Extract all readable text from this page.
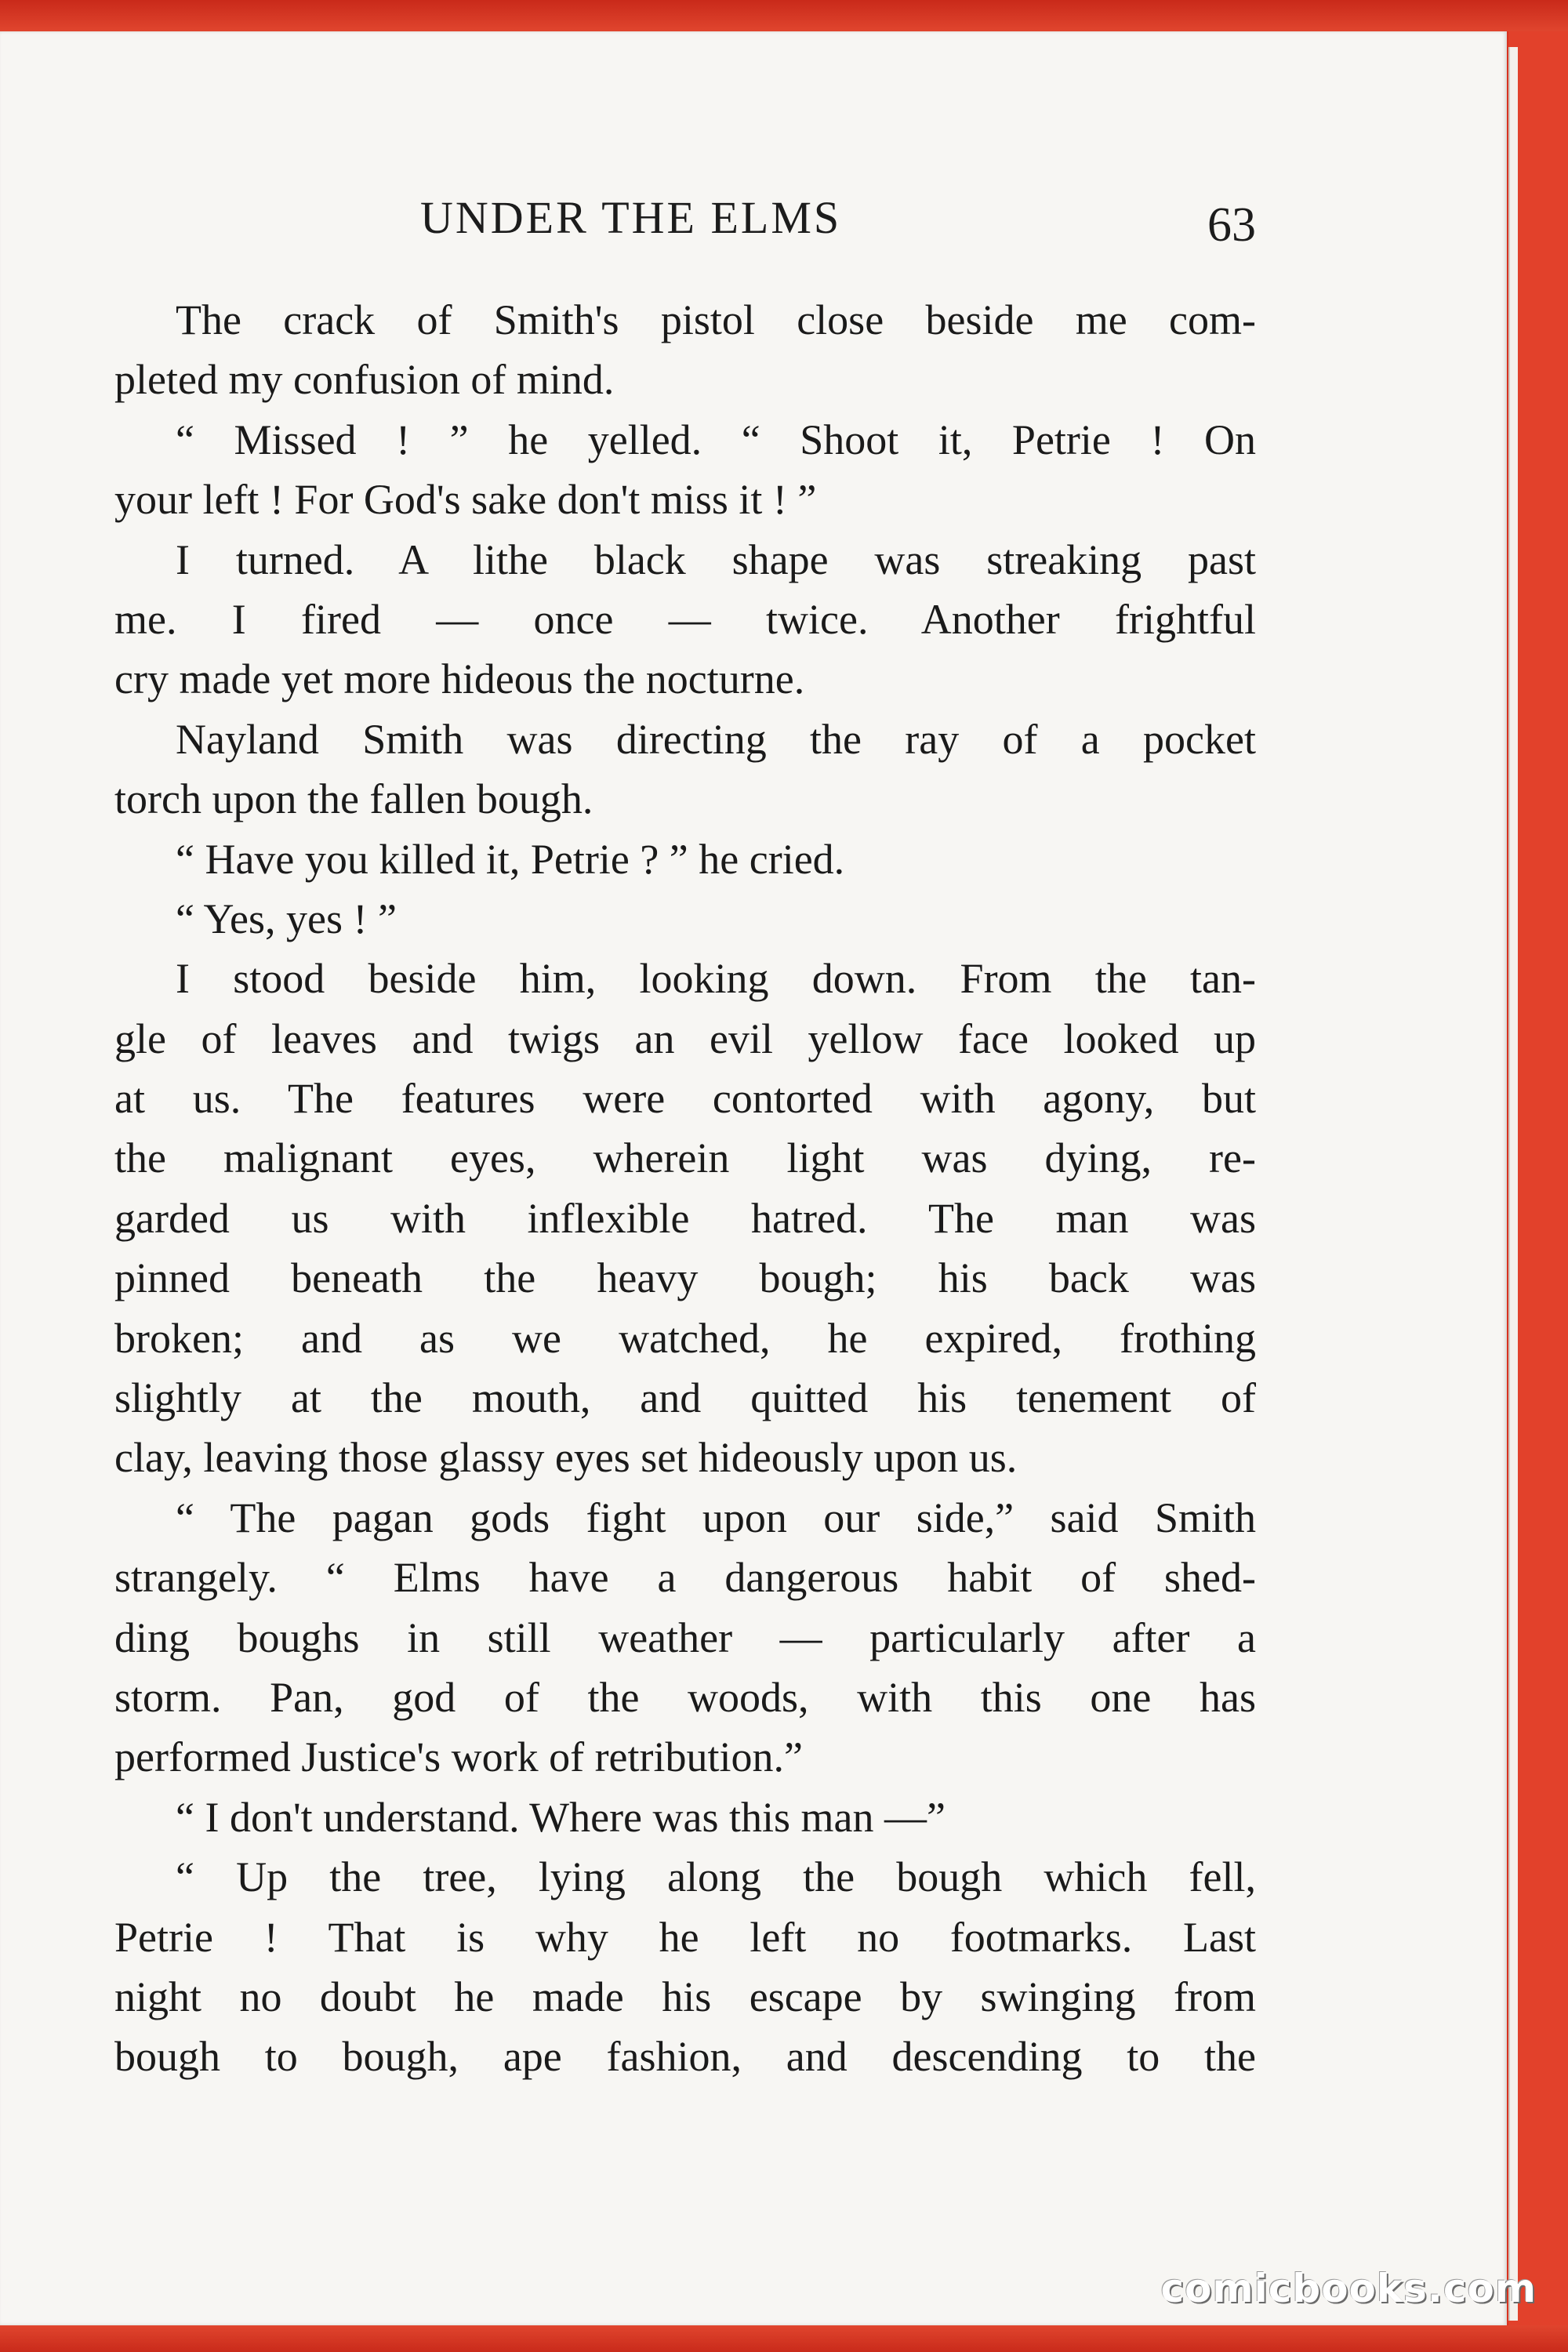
UNDER THE ELMS	63
The crack of Smith's pistol close beside me com-
pleted my confusion of mind.
“ Missed ! ” he yelled. “ Shoot it, Petrie ! On
your left ! For God's sake don't miss it ! ”
I turned. A lithe black shape was streaking past
me. I fired — once — twice. Another frightful
cry made yet more hideous the nocturne.
Nayland Smith was directing the ray of a pocket
torch upon the fallen bough.
“ Have you killed it, Petrie ? ” he cried.
“ Yes, yes ! ”
I stood beside him, looking down. From the tan-
gle of leaves and twigs an evil yellow face looked up
at us. The features were contorted with agony, but
the malignant eyes, wherein light was dying, re-
garded us with inflexible hatred. The man was
pinned beneath the heavy bough; his back was
broken; and as we watched, he expired, frothing
slightly at the mouth, and quitted his tenement of
clay, leaving those glassy eyes set hideously upon us.
“ The pagan gods fight upon our side,” said Smith
strangely. “ Elms have a dangerous habit of shed-
ding boughs in still weather — particularly after a
storm. Pan, god of the woods, with this one has
performed Justice's work of retribution.”
“ I don't understand. Where was this man —”
“ Up the tree, lying along the bough which fell,
Petrie ! That is why he left no footmarks. Last
night no doubt he made his escape by swinging from
bough to bough, ape fashion, and descending to the
comicbooks.com
